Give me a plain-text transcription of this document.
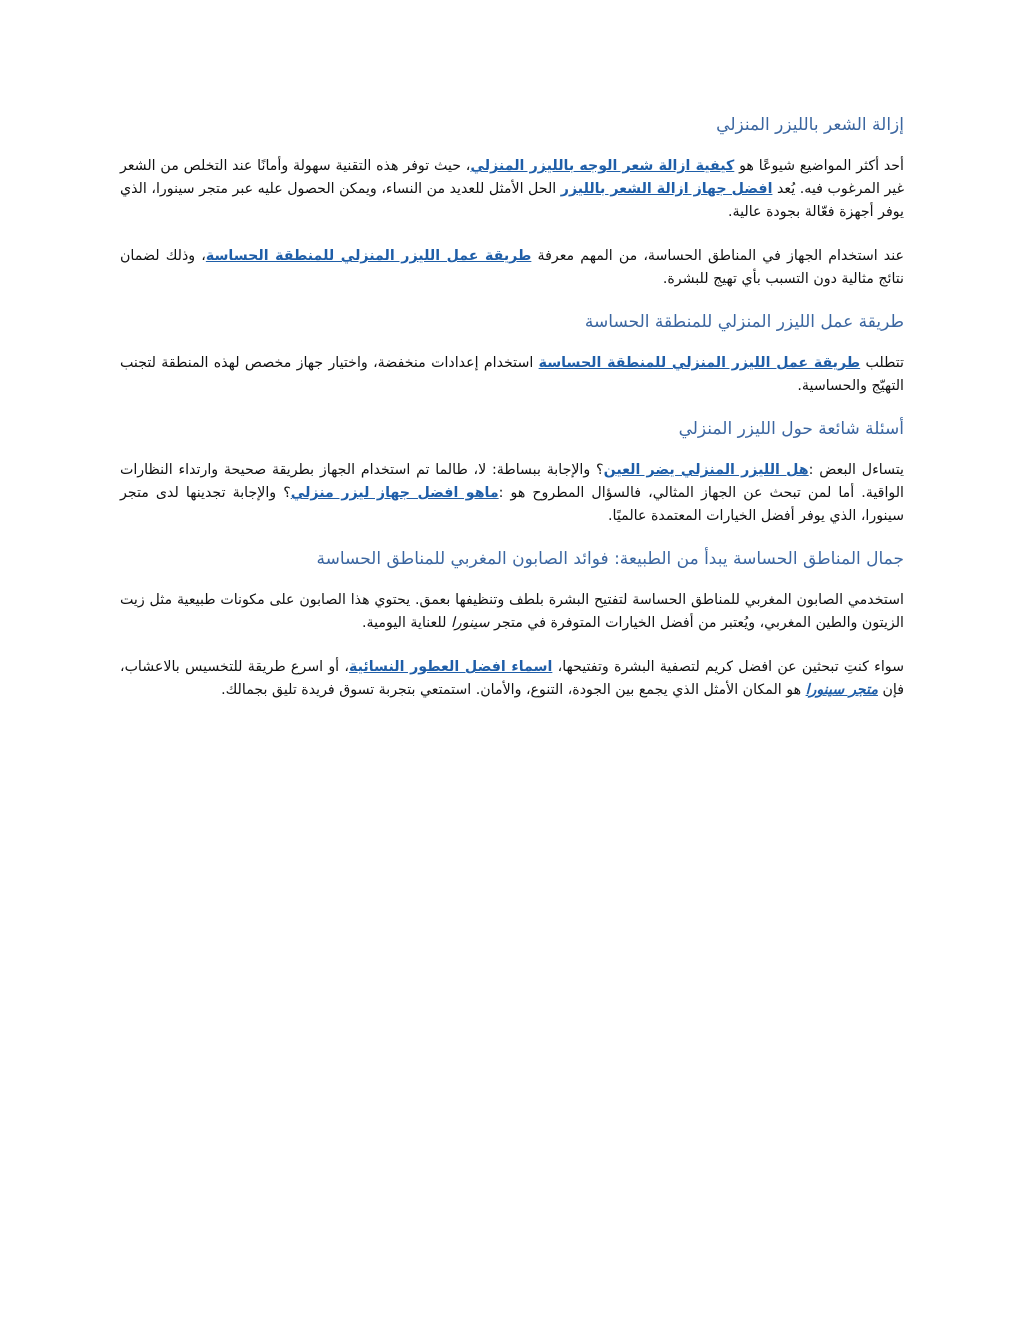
إزالة الشعر بالليزر المنزلي

أحد أكثر المواضيع شيوعًا هو كيفية ازالة شعر الوجه بالليزر المنزلي، حيث توفر هذه التقنية سهولة وأمانًا عند التخلص من الشعر غير المرغوب فيه. يُعد افضل جهاز ازالة الشعر بالليزر الحل الأمثل للعديد من النساء، ويمكن الحصول عليه عبر متجر سينورا، الذي يوفر أجهزة فعّالة بجودة عالية.

عند استخدام الجهاز في المناطق الحساسة، من المهم معرفة طريقة عمل الليزر المنزلي للمنطقة الحساسة، وذلك لضمان نتائج مثالية دون التسبب بأي تهيج للبشرة.

طريقة عمل الليزر المنزلي للمنطقة الحساسة

تتطلب طريقة عمل الليزر المنزلي للمنطقة الحساسة استخدام إعدادات منخفضة، واختيار جهاز مخصص لهذه المنطقة لتجنب التهيّج والحساسية.

أسئلة شائعة حول الليزر المنزلي

يتساءل البعض :هل الليزر المنزلي يضر العين؟ والإجابة ببساطة: لا، طالما تم استخدام الجهاز بطريقة صحيحة وارتداء النظارات الواقية. أما لمن تبحث عن الجهاز المثالي، فالسؤال المطروح هو :ماهو افضل جهاز ليزر منزلي؟ والإجابة تجدينها لدى متجر سينورا، الذي يوفر أفضل الخيارات المعتمدة عالميًا.

جمال المناطق الحساسة يبدأ من الطبيعة: فوائد الصابون المغربي للمناطق الحساسة

استخدمي الصابون المغربي للمناطق الحساسة لتفتيح البشرة بلطف وتنظيفها بعمق. يحتوي هذا الصابون على مكونات طبيعية مثل زيت الزيتون والطين المغربي، ويُعتبر من أفضل الخيارات المتوفرة في متجر سينورا للعناية اليومية.

سواء كنتِ تبحثين عن افضل كريم لتصفية البشرة وتفتيحها، اسماء افضل العطور النسائية، أو اسرع طريقة للتخسيس بالاعشاب، فإن متجر سينورا هو المكان الأمثل الذي يجمع بين الجودة، التنوع، والأمان. استمتعي بتجربة تسوق فريدة تليق بجمالك.
